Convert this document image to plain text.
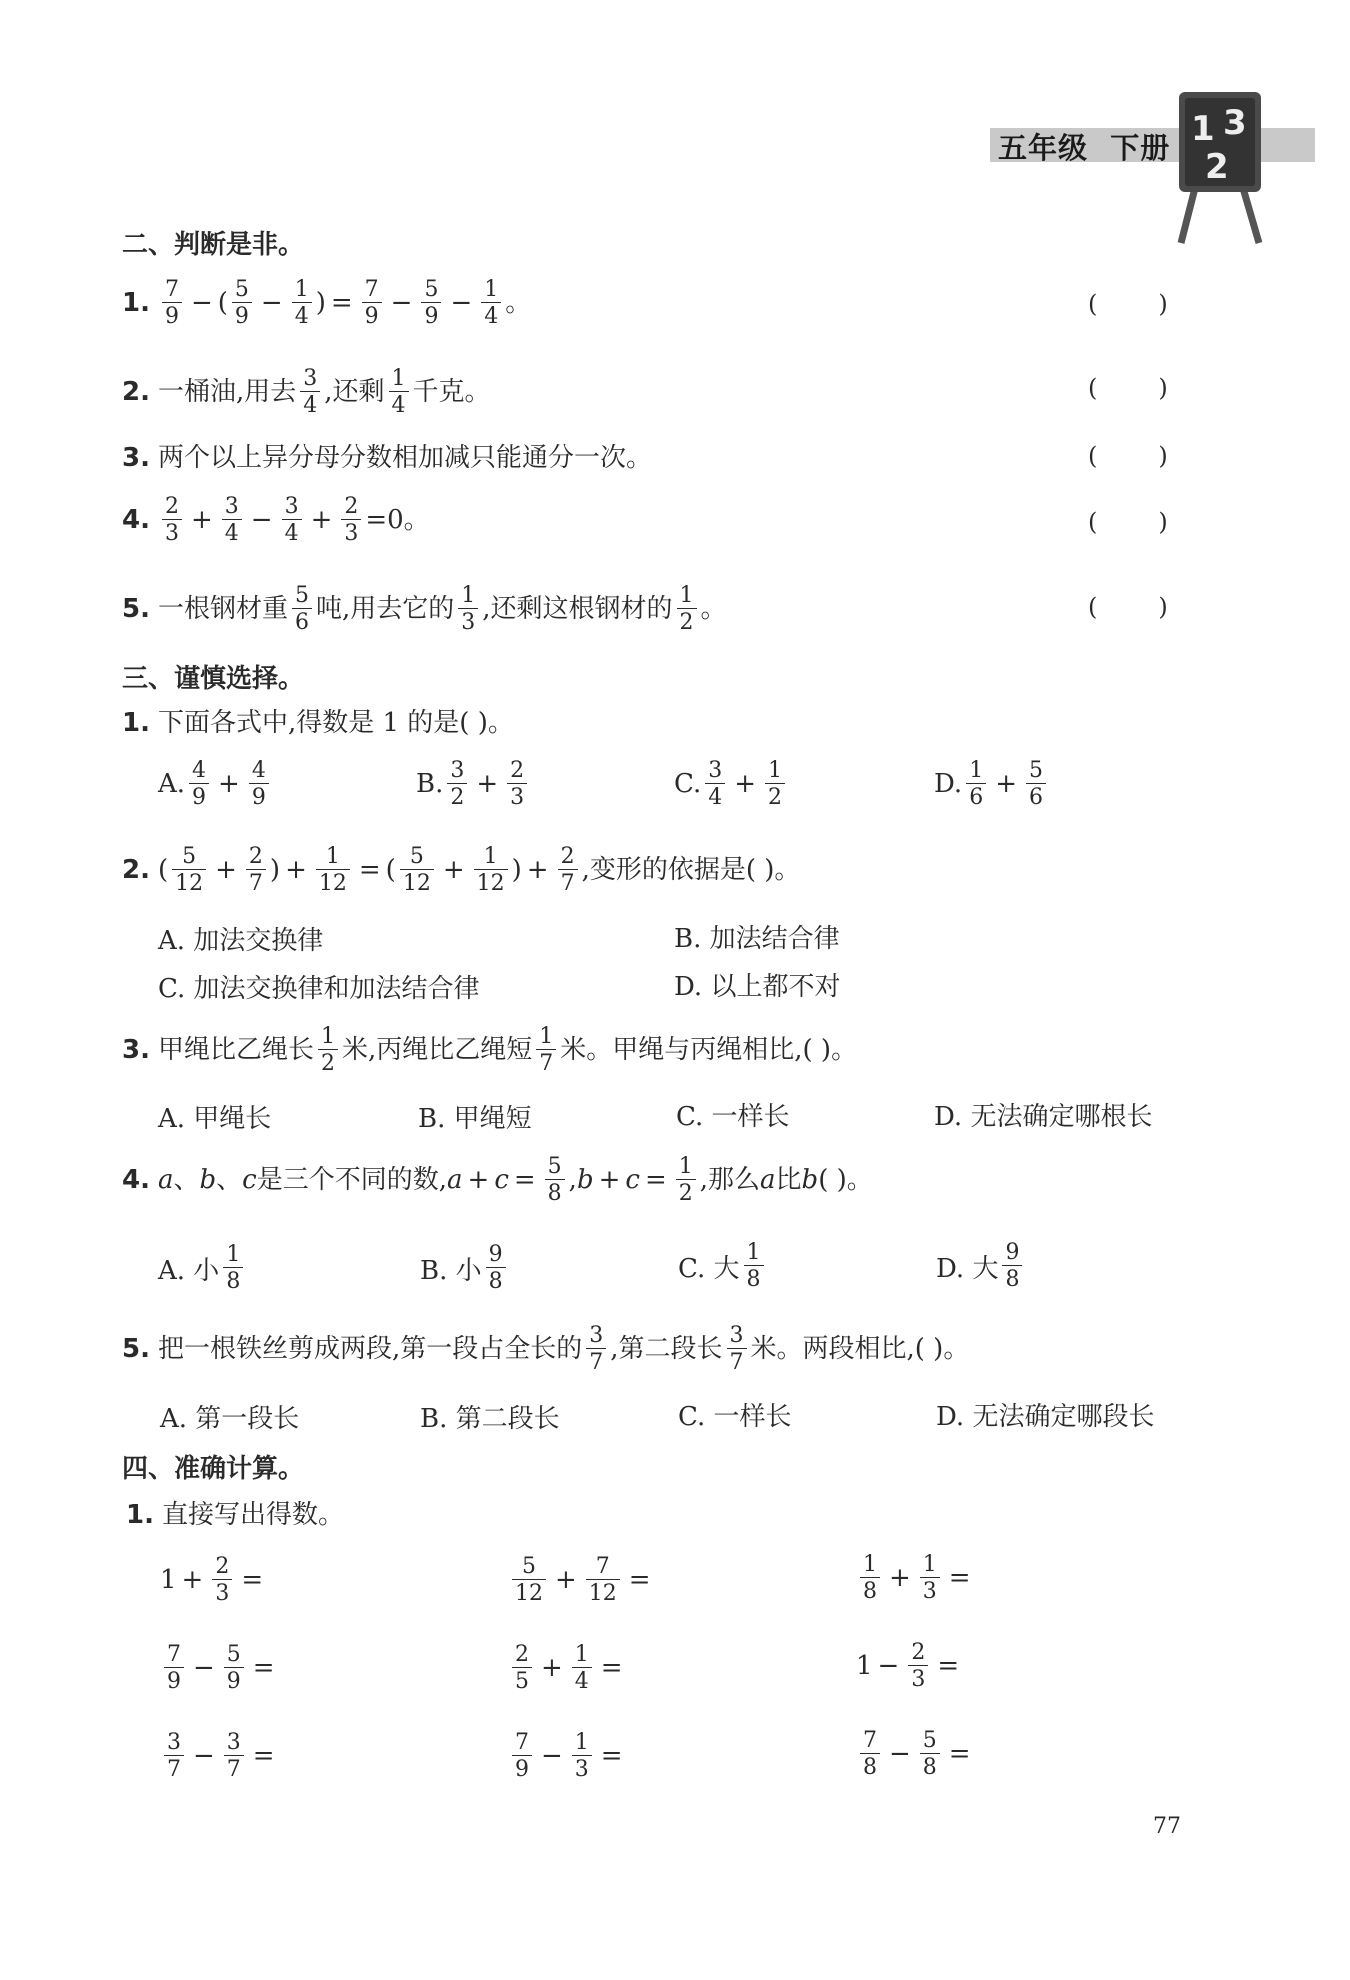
五年级 下册 1 3
2
二、判断是非。
1. $\frac{7}{9}$ − ( $\frac{5}{9} - \frac{1}{4}$ ) = $\frac{7}{9} - \frac{5}{9} - \frac{1}{4}$ 。	(        )
2. 一桶油,用去 $\frac{3}{4}$ ,还剩 $\frac{1}{4}$ 千克。	(        )
3. 两个以上异分母分数相加减只能通分一次。	(        )
4. $\frac{2}{3} + \frac{3}{4} - \frac{3}{4} + \frac{2}{3} =0$。	(        )
5. 一根钢材重 $\frac{5}{6}$ 吨,用去它的 $\frac{1}{3}$ ,还剩这根钢材的 $\frac{1}{2}$ 。	(        )
三、谨慎选择。
1. 下面各式中,得数是 1 的是( )。
A. $\frac{4}{9} + \frac{4}{9}$	B. $\frac{3}{2} + \frac{2}{3}$	C. $\frac{3}{4} + \frac{1}{2}$	D. $\frac{1}{6} + \frac{5}{6}$
2. ( $\frac{5}{12} + \frac{2}{7}$ ) + $\frac{1}{12}$ = ( $\frac{5}{12} + \frac{1}{12}$ ) + $\frac{2}{7}$ ,变形的依据是( )。
A. 加法交换律	B. 加法结合律
C. 加法交换律和加法结合律	D. 以上都不对
3. 甲绳比乙绳长 $\frac{1}{2}$ 米,丙绳比乙绳短 $\frac{1}{7}$ 米。甲绳与丙绳相比,( )。
A. 甲绳长	B. 甲绳短	C. 一样长	D. 无法确定哪根长
4. a 、 b 、 c 是三个不同的数, $a + c = \frac{5}{8}$ , $b + c = \frac{1}{2}$ ,那么 a 比 b ( )。
A. 小 $\frac{1}{8}$	B. 小 $\frac{9}{8}$	C. 大 $\frac{1}{8}$	D. 大 $\frac{9}{8}$
5. 把一根铁丝剪成两段,第一段占全长的 $\frac{3}{7}$ ,第二段长 $\frac{3}{7}$ 米。两段相比,( )。
A. 第一段长	B. 第二段长	C. 一样长	D. 无法确定哪段长
四、准确计算。
1. 直接写出得数。
$1 + \frac{2}{3}$ =	$\frac{5}{12} + \frac{7}{12}$ =	$\frac{1}{8} + \frac{1}{3}$ =
$\frac{7}{9} - \frac{5}{9}$ =	$\frac{2}{5} + \frac{1}{4}$ =	$1 - \frac{2}{3}$ =
$\frac{3}{7} - \frac{3}{7}$ =	$\frac{7}{9} - \frac{1}{3}$ =	$\frac{7}{8} - \frac{5}{8}$ =
77
